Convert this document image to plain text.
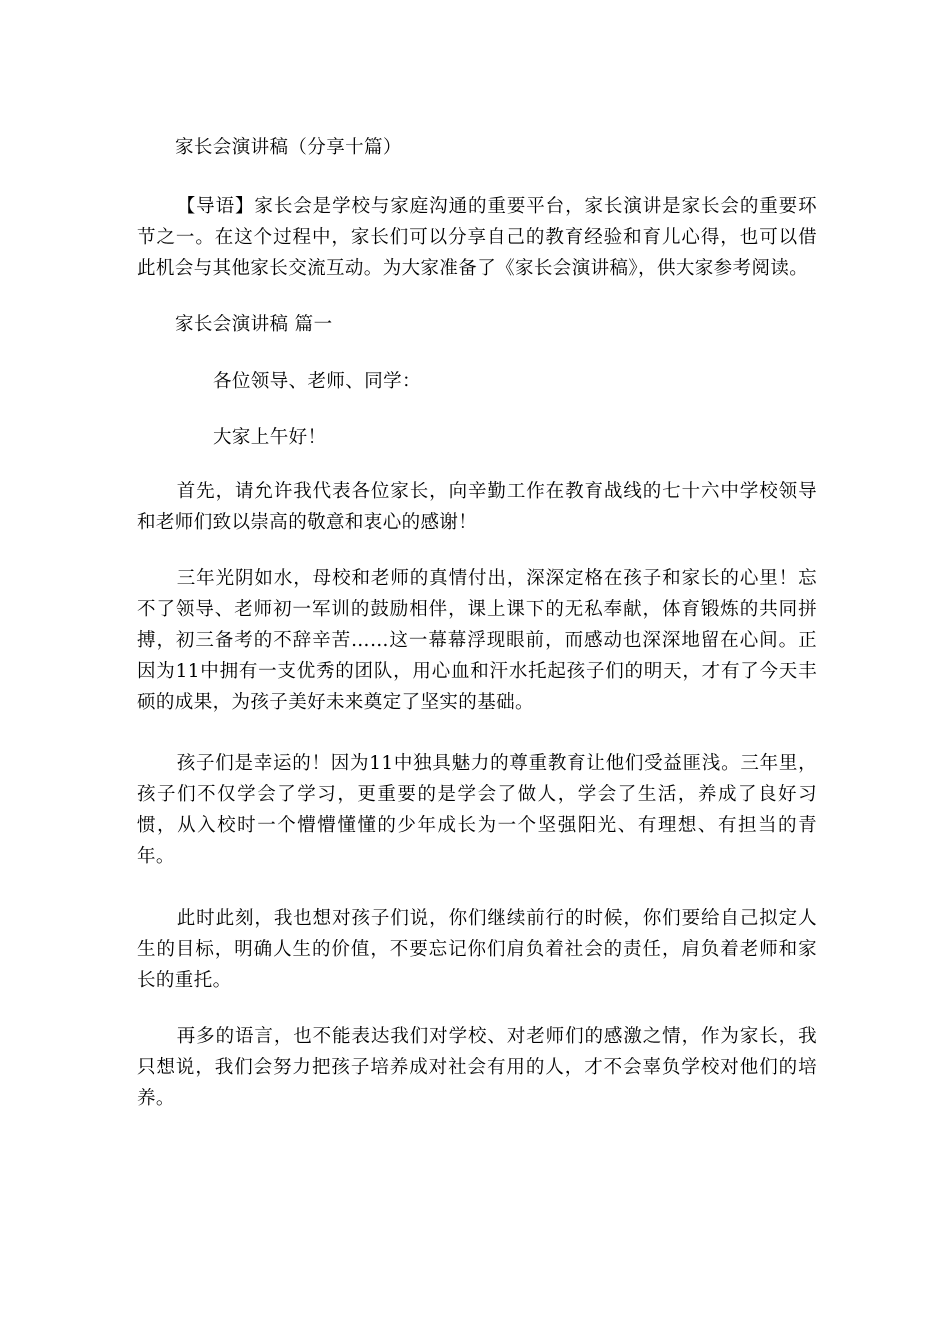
家长会演讲稿（分享十篇）
【导语】家长会是学校与家庭沟通的重要平台，家长演讲是家长会的重要环节之一。在这个过程中，家长们可以分享自己的教育经验和育儿心得，也可以借此机会与其他家长交流互动。为大家准备了《家长会演讲稿》，供大家参考阅读。
家长会演讲稿 篇一
各位领导、老师、同学：
大家上午好！
首先，请允许我代表各位家长，向辛勤工作在教育战线的七十六中学校领导和老师们致以崇高的敬意和衷心的感谢！
三年光阴如水，母校和老师的真情付出，深深定格在孩子和家长的心里！忘不了领导、老师初一军训的鼓励相伴，课上课下的无私奉献，体育锻炼的共同拼搏，初三备考的不辞辛苦……这一幕幕浮现眼前，而感动也深深地留在心间。正因为11中拥有一支优秀的团队，用心血和汗水托起孩子们的明天，才有了今天丰硕的成果，为孩子美好未来奠定了坚实的基础。
孩子们是幸运的！因为11中独具魅力的尊重教育让他们受益匪浅。三年里，孩子们不仅学会了学习，更重要的是学会了做人，学会了生活，养成了良好习惯，从入校时一个懵懵懂懂的少年成长为一个坚强阳光、有理想、有担当的青年。
此时此刻，我也想对孩子们说，你们继续前行的时候，你们要给自己拟定人生的目标，明确人生的价值，不要忘记你们肩负着社会的责任，肩负着老师和家长的重托。
再多的语言，也不能表达我们对学校、对老师们的感激之情，作为家长，我只想说，我们会努力把孩子培养成对社会有用的人，才不会辜负学校对他们的培养。
